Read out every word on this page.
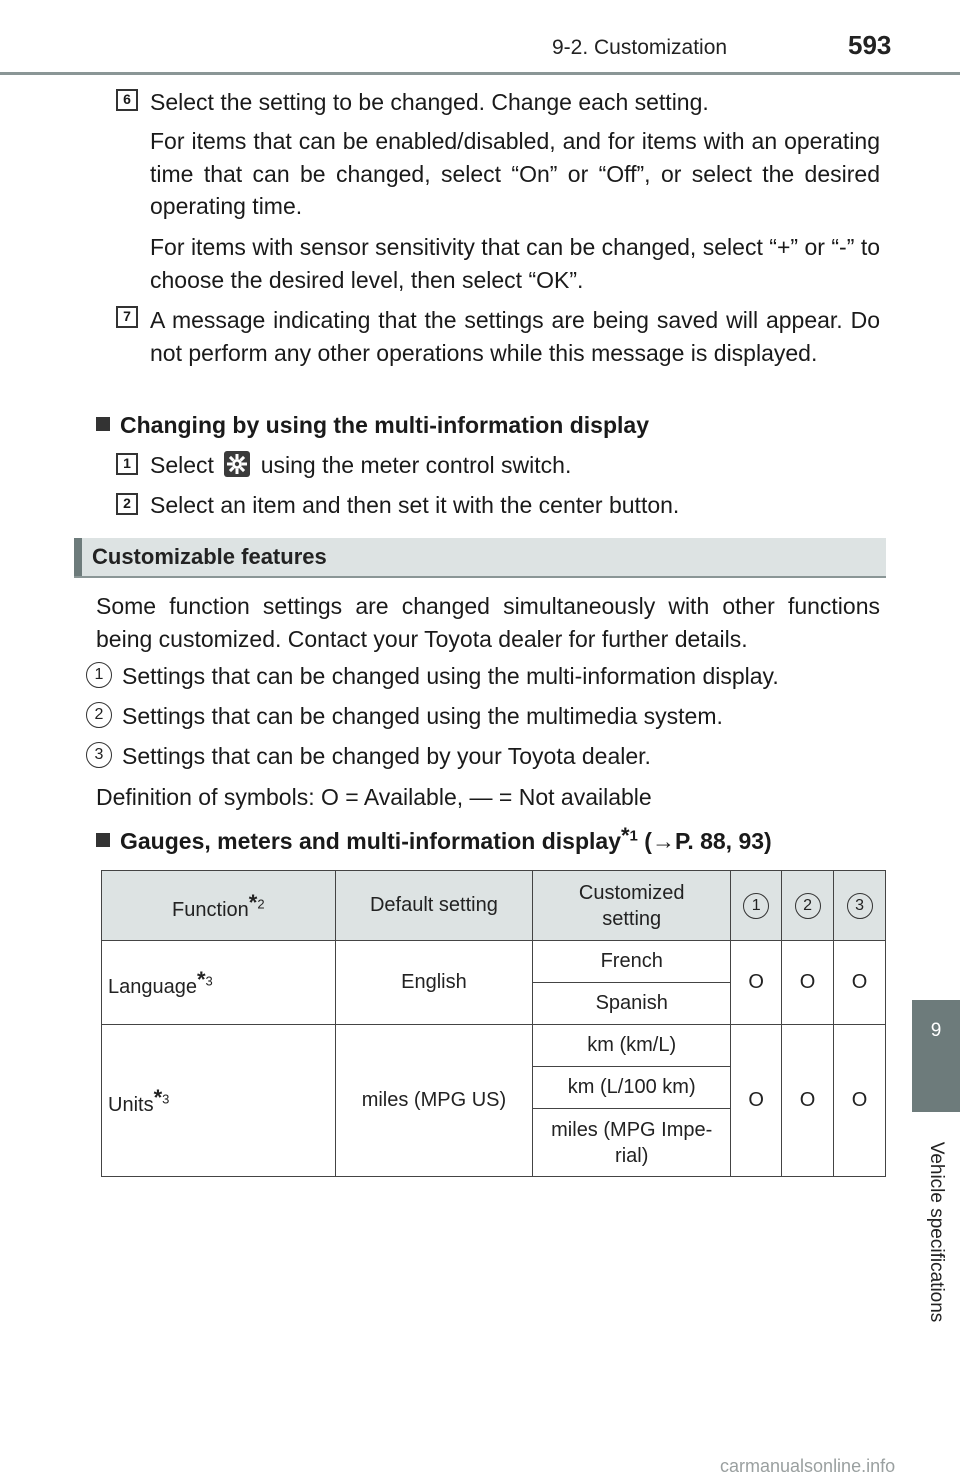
9-2. Customization	593
9
Vehicle specifications
6 Select the setting to be changed. Change each setting.
For items that can be enabled/disabled, and for items with an operating time that can be changed, select “On” or “Off”, or select the desired operating time.
For items with sensor sensitivity that can be changed, select “+” or “-” to choose the desired level, then select “OK”.
7 A message indicating that the settings are being saved will appear. Do not perform any other operations while this message is displayed.
Changing by using the multi-information display
1 Select using the meter control switch.
2 Select an item and then set it with the center button.
Customizable features
Some function settings are changed simultaneously with other functions being customized. Contact your Toyota dealer for further details.
1 Settings that can be changed using the multi-information display.
2 Settings that can be changed using the multimedia system.
3 Settings that can be changed by your Toyota dealer.
Definition of symbols: O = Available, — = Not available
Gauges, meters and multi-information display*$^1$ (→P. 88, 93)
Function*$^2$	Default setting	Customized setting	1	2	3

Language*$^3$	English	French	O	O	O
		Spanish			
Units*$^3$	miles (MPG US)	km (km/L)	O	O	O
		km (L/100 km)			

		miles (MPG Impe-rial)			
carmanualsonline.info
